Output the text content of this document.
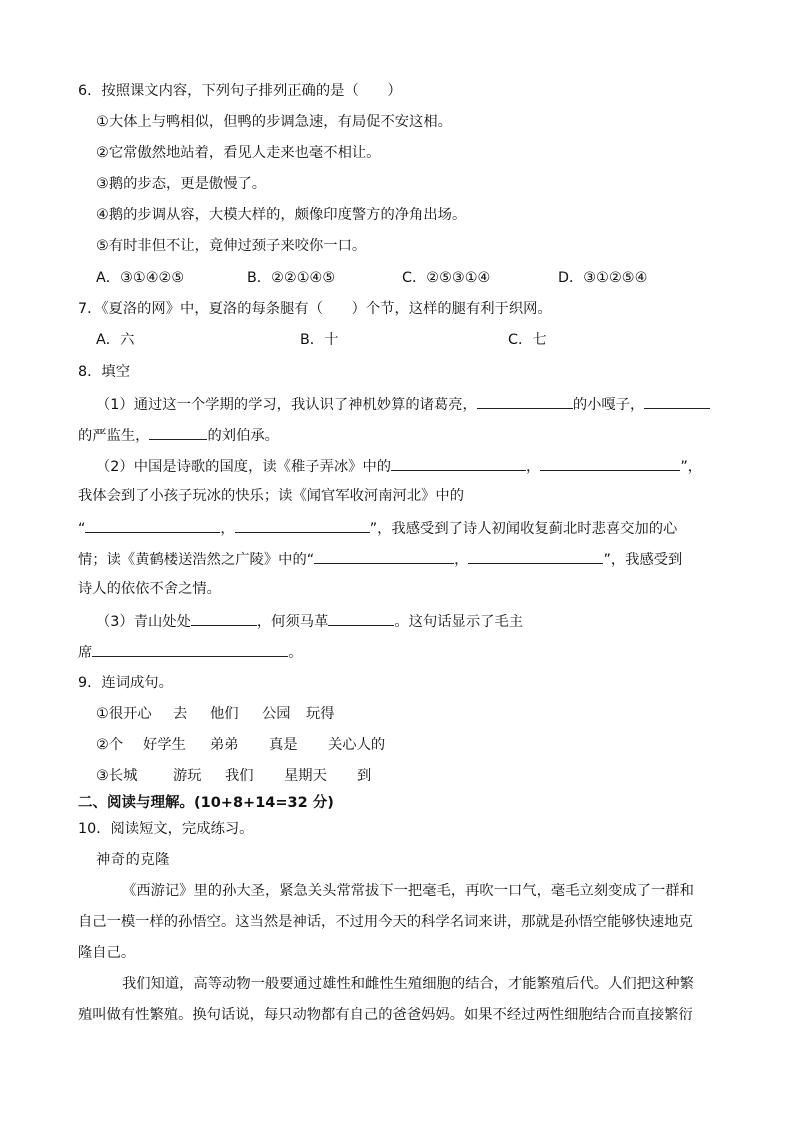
6．按照课文内容，下列句子排列正确的是（　　）
①大体上与鸭相似，但鸭的步调急速，有局促不安这相。
②它常傲然地站着，看见人走来也毫不相让。
③鹅的步态，更是傲慢了。
④鹅的步调从容，大模大样的，颇像印度警方的净角出场。
⑤有时非但不让，竟伸过颈子来咬你一口。
A．③①④②⑤	B．②②①④⑤	C．②⑤③①④	D．③①②⑤④
7．《夏洛的网》中，夏洛的每条腿有（　　）个节，这样的腿有利于织网。
A．六	B．十	C．七
8．填空
（1）通过这一个学期的学习，我认识了神机妙算的诸葛亮，	的小嘎子，
的严监生，	的刘伯承。
（2）中国是诗歌的国度，读《稚子弄冰》中的	，	”，
我体会到了小孩子玩冰的快乐；读《闻官军收河南河北》中的
“	，	”，我感受到了诗人初闻收复蓟北时悲喜交加的心
情；读《黄鹤楼送浩然之广陵》中的“	，	”，我感受到
诗人的依依不舍之情。
（3）青山处处	，何须马革	。这句话显示了毛主
席	。
9．连词成句。
①很开心 去 他们 公园 玩得
②个 好学生 弟弟 真是 关心人的
③长城 游玩 我们 星期天 到
二、阅读与理解。(10+8+14=32 分)
10．阅读短文，完成练习。
神奇的克隆
《西游记》里的孙大圣，紧急关头常常拔下一把毫毛，再吹一口气，毫毛立刻变成了一群和
自己一模一样的孙悟空。这当然是神话，不过用今天的科学名词来讲，那就是孙悟空能够快速地克
隆自己。
我们知道，高等动物一般要通过雄性和雌性生殖细胞的结合，才能繁殖后代。人们把这种繁
殖叫做有性繁殖。换句话说，每只动物都有自己的爸爸妈妈。如果不经过两性细胞结合而直接繁衍
